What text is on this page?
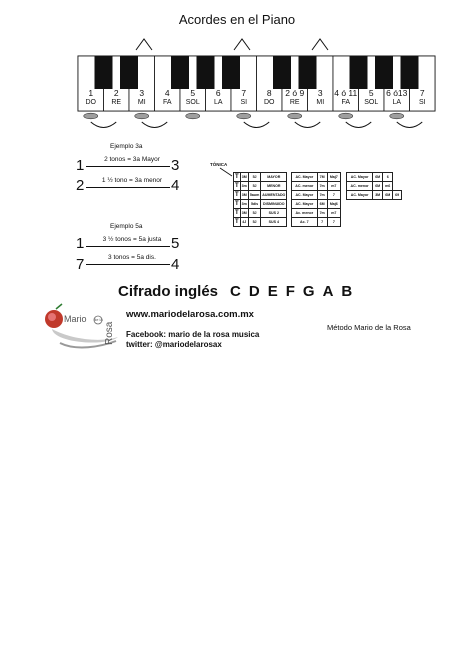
Acordes en el Piano
1
DO
2
RE
3
MI
4
FA
5
SOL
6
LA
7
SI
8
DO
2 ó 9
RE
3
MI
4 ó 11
FA
5
SOL
6 ó13
LA
7
SI
Ejemplo 3a
1	2 tonos = 3a Mayor 3
2	1 ½ tono = 3a menor 4
Ejemplo 5a
1	3 ½ tonos = 5a justa 5
7	3 tonos = 5a dis.	4
TÓNICA
T	3M	5J	MAYOR
T	3m	5J	MENOR
T	3M	5aum	AUMENTADO
T	3m	5dis	DISMINUIDO
T	3M	5J	SUS 2
T	4J	5J	SUS 4
AC. Mayor	7M	Maj7
AC. menor	7m	m7
AC. Mayor	7m	7
AC. Mayor	6M	Maj6
Ac. menor	7m	m7
Ac. 7	7	7
AC. Mayor	6M	6	
AC. menor	6M	m6	
AC. Mayor	3M	6M	69
Cifrado inglés C D E F G A B
Mario de la
Rosa
www.mariodelarosa.com.mx
Facebook: mario de la rosa musica
twitter: @mariodelarosax
Método Mario de la Rosa
